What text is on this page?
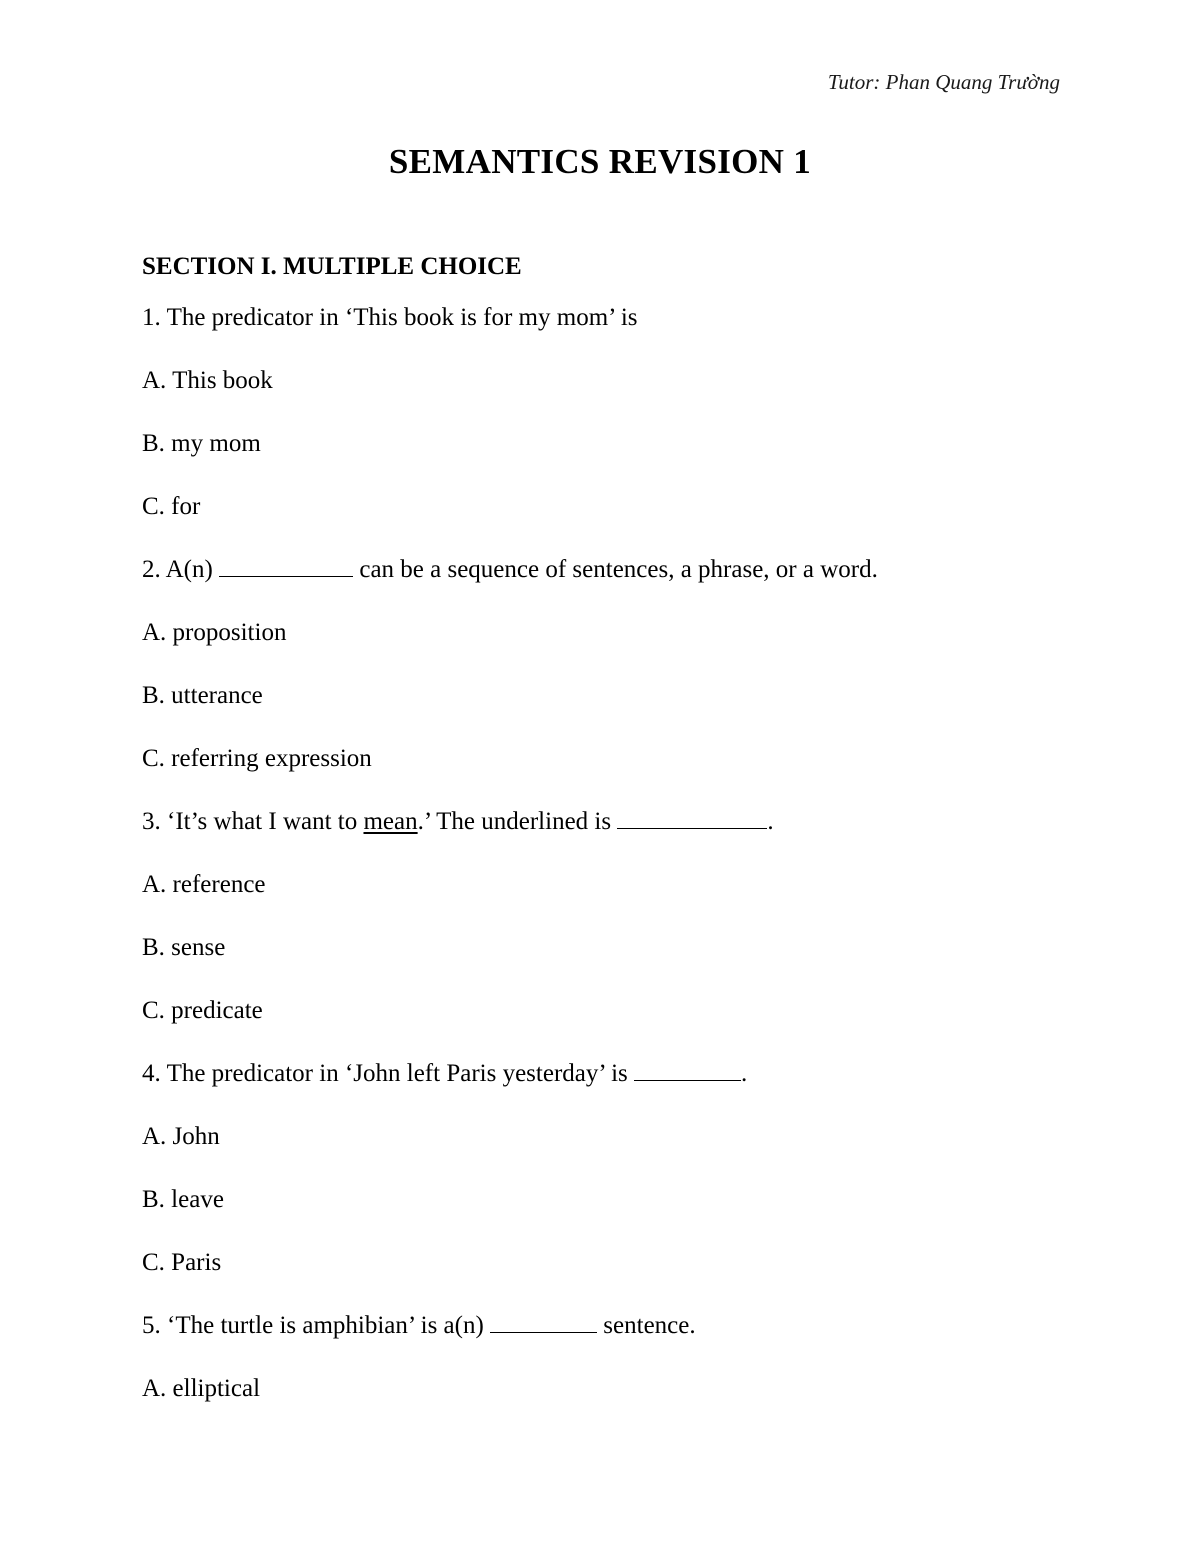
Tutor: Phan Quang Trường
SEMANTICS REVISION 1
SECTION I. MULTIPLE CHOICE
1. The predicator in ‘This book is for my mom’ is
A. This book
B. my mom
C. for
2. A(n)	can be a sequence of sentences, a phrase, or a word.
A. proposition
B. utterance
C. referring expression
3. ‘It’s what I want to mean.’ The underlined is	.
A. reference
B. sense
C. predicate
4. The predicator in ‘John left Paris yesterday’ is	.
A. John
B. leave
C. Paris
5. ‘The turtle is amphibian’ is a(n)	sentence.
A. elliptical
